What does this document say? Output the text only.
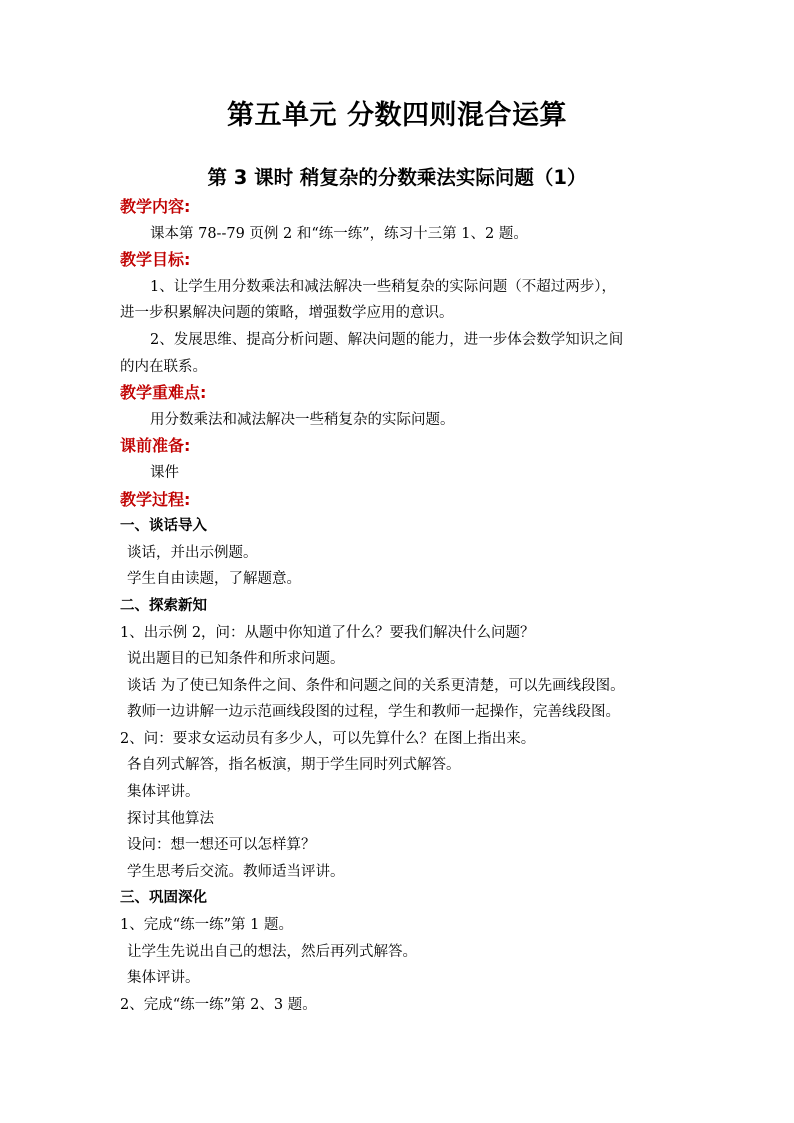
第五单元 分数四则混合运算
第 3 课时 稍复杂的分数乘法实际问题（1）
教学内容:
课本第 78--79 页例 2 和“练一练”，练习十三第 1、2 题。
教学目标:
1、让学生用分数乘法和减法解决一些稍复杂的实际问题（不超过两步），
进一步积累解决问题的策略，增强数学应用的意识。
2、发展思维、提高分析问题、解决问题的能力，进一步体会数学知识之间
的内在联系。
教学重难点:
用分数乘法和减法解决一些稍复杂的实际问题。
课前准备:
课件
教学过程:
一、谈话导入
谈话，并出示例题。
学生自由读题，了解题意。
二、探索新知
1、出示例 2，问：从题中你知道了什么？要我们解决什么问题？
说出题目的已知条件和所求问题。
谈话 为了使已知条件之间、条件和问题之间的关系更清楚，可以先画线段图。
教师一边讲解一边示范画线段图的过程，学生和教师一起操作，完善线段图。
2、问：要求女运动员有多少人，可以先算什么？在图上指出来。
各自列式解答，指名板演，期于学生同时列式解答。
集体评讲。
探讨其他算法
设问：想一想还可以怎样算？
学生思考后交流。教师适当评讲。
三、巩固深化
1、完成“练一练”第 1 题。
让学生先说出自己的想法，然后再列式解答。
集体评讲。
2、完成“练一练”第 2、3 题。
